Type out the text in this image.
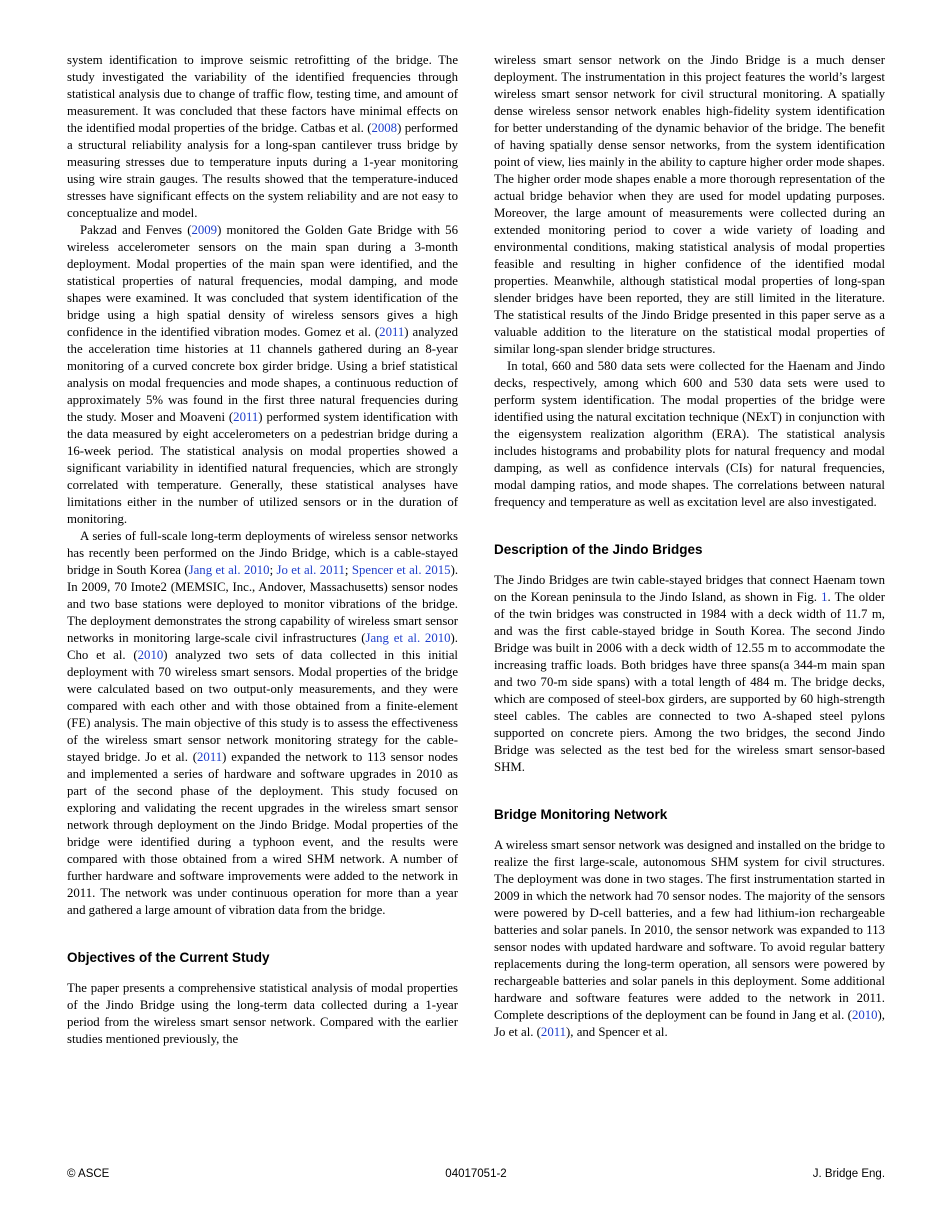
system identification to improve seismic retrofitting of the bridge. The study investigated the variability of the identified frequencies through statistical analysis due to change of traffic flow, testing time, and amount of measurement. It was concluded that these factors have minimal effects on the identified modal properties of the bridge. Catbas et al. (2008) performed a structural reliability analysis for a long-span cantilever truss bridge by measuring stresses due to temperature inputs during a 1-year monitoring using wire strain gauges. The results showed that the temperature-induced stresses have significant effects on the system reliability and are not easy to conceptualize and model.

Pakzad and Fenves (2009) monitored the Golden Gate Bridge with 56 wireless accelerometer sensors on the main span during a 3-month deployment. Modal properties of the main span were identified, and the statistical properties of natural frequencies, modal damping, and mode shapes were examined. It was concluded that system identification of the bridge using a high spatial density of wireless sensors gives a high confidence in the identified vibration modes. Gomez et al. (2011) analyzed the acceleration time histories at 11 channels gathered during an 8-year monitoring of a curved concrete box girder bridge. Using a brief statistical analysis on modal frequencies and mode shapes, a continuous reduction of approximately 5% was found in the first three natural frequencies during the study. Moser and Moaveni (2011) performed system identification with the data measured by eight accelerometers on a pedestrian bridge during a 16-week period. The statistical analysis on modal properties showed a significant variability in identified natural frequencies, which are strongly correlated with temperature. Generally, these statistical analyses have limitations either in the number of utilized sensors or in the duration of monitoring.

A series of full-scale long-term deployments of wireless sensor networks has recently been performed on the Jindo Bridge, which is a cable-stayed bridge in South Korea (Jang et al. 2010; Jo et al. 2011; Spencer et al. 2015). In 2009, 70 Imote2 (MEMSIC, Inc., Andover, Massachusetts) sensor nodes and two base stations were deployed to monitor vibrations of the bridge. The deployment demonstrates the strong capability of wireless smart sensor networks in monitoring large-scale civil infrastructures (Jang et al. 2010). Cho et al. (2010) analyzed two sets of data collected in this initial deployment with 70 wireless smart sensors. Modal properties of the bridge were calculated based on two output-only measurements, and they were compared with each other and with those obtained from a finite-element (FE) analysis. The main objective of this study is to assess the effectiveness of the wireless smart sensor network monitoring strategy for the cable-stayed bridge. Jo et al. (2011) expanded the network to 113 sensor nodes and implemented a series of hardware and software upgrades in 2010 as part of the second phase of the deployment. This study focused on exploring and validating the recent upgrades in the wireless smart sensor network through deployment on the Jindo Bridge. Modal properties of the bridge were identified during a typhoon event, and the results were compared with those obtained from a wired SHM network. A number of further hardware and software improvements were added to the network in 2011. The network was under continuous operation for more than a year and gathered a large amount of vibration data from the bridge.

Objectives of the Current Study

The paper presents a comprehensive statistical analysis of modal properties of the Jindo Bridge using the long-term data collected during a 1-year period from the wireless smart sensor network. Compared with the earlier studies mentioned previously, the

wireless smart sensor network on the Jindo Bridge is a much denser deployment. The instrumentation in this project features the world’s largest wireless smart sensor network for civil structural monitoring. A spatially dense wireless sensor network enables high-fidelity system identification for better understanding of the dynamic behavior of the bridge. The benefit of having spatially dense sensor networks, from the system identification point of view, lies mainly in the ability to capture higher order mode shapes. The higher order mode shapes enable a more thorough representation of the actual bridge behavior when they are used for model updating purposes. Moreover, the large amount of measurements were collected during an extended monitoring period to cover a wide variety of loading and environmental conditions, making statistical analysis of modal properties feasible and resulting in higher confidence of the identified modal properties. Meanwhile, although statistical modal properties of long-span slender bridges have been reported, they are still limited in the literature. The statistical results of the Jindo Bridge presented in this paper serve as a valuable addition to the literature on the statistical modal properties of similar long-span slender bridge structures.

In total, 660 and 580 data sets were collected for the Haenam and Jindo decks, respectively, among which 600 and 530 data sets were used to perform system identification. The modal properties of the bridge were identified using the natural excitation technique (NExT) in conjunction with the eigensystem realization algorithm (ERA). The statistical analysis includes histograms and probability plots for natural frequency and modal damping, as well as confidence intervals (CIs) for natural frequencies, modal damping ratios, and mode shapes. The correlations between natural frequency and temperature as well as excitation level are also investigated.

Description of the Jindo Bridges

The Jindo Bridges are twin cable-stayed bridges that connect Haenam town on the Korean peninsula to the Jindo Island, as shown in Fig. 1. The older of the twin bridges was constructed in 1984 with a deck width of 11.7 m, and was the first cable-stayed bridge in South Korea. The second Jindo Bridge was built in 2006 with a deck width of 12.55 m to accommodate the increasing traffic loads. Both bridges have three spans(a 344-m main span and two 70-m side spans) with a total length of 484 m. The bridge decks, which are composed of steel-box girders, are supported by 60 high-strength steel cables. The cables are connected to two A-shaped steel pylons supported on concrete piers. Among the two bridges, the second Jindo Bridge was selected as the test bed for the wireless smart sensor-based SHM.

Bridge Monitoring Network

A wireless smart sensor network was designed and installed on the bridge to realize the first large-scale, autonomous SHM system for civil structures. The deployment was done in two stages. The first instrumentation started in 2009 in which the network had 70 sensor nodes. The majority of the sensors were powered by D-cell batteries, and a few had lithium-ion rechargeable batteries and solar panels. In 2010, the sensor network was expanded to 113 sensor nodes with updated hardware and software. To avoid regular battery replacements during the long-term operation, all sensors were powered by rechargeable batteries and solar panels in this deployment. Some additional hardware and software features were added to the network in 2011. Complete descriptions of the deployment can be found in Jang et al. (2010), Jo et al. (2011), and Spencer et al.

© ASCE	04017051-2	J. Bridge Eng.
